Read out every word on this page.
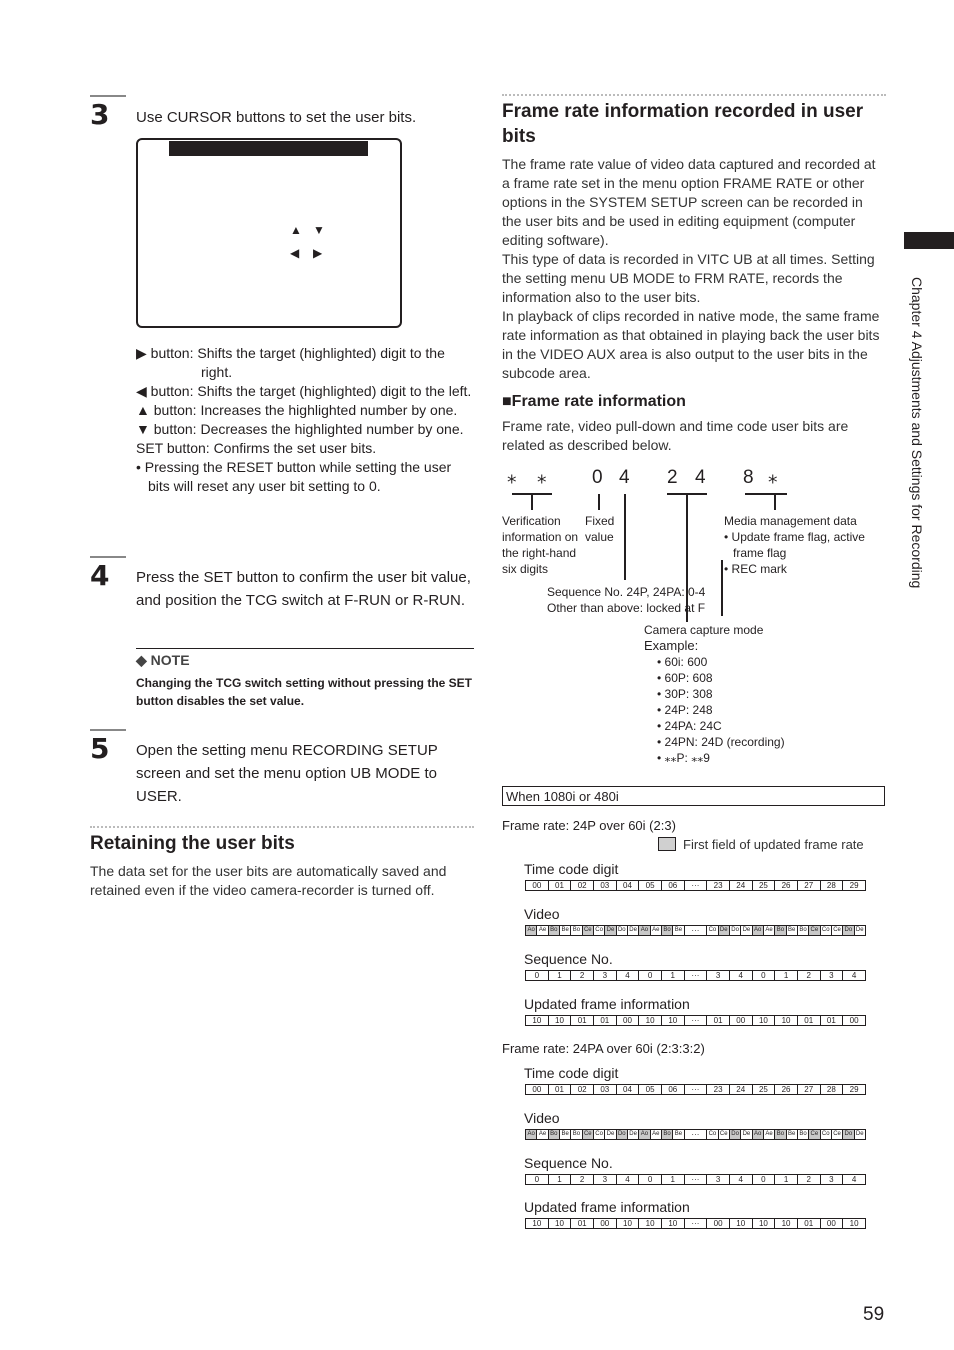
3 Use CURSOR buttons to set the user bits.
▲ ▼
◀ ▶
▶ button: Shifts the target (highlighted) digit to the right.
◀ button: Shifts the target (highlighted) digit to the left.
▲ button: Increases the highlighted number by one.
▼ button: Decreases the highlighted number by one.
SET button: Confirms the set user bits.
• Pressing the RESET button while setting the user bits will reset any user bit setting to 0.
4 Press the SET button to confirm the user bit value, and position the TCG switch at F-RUN or R-RUN.
◆ NOTE
Changing the TCG switch setting without pressing the SET button disables the set value.
5 Open the setting menu RECORDING SETUP screen and set the menu option UB MODE to USER.
Retaining the user bits
The data set for the user bits are automatically saved and retained even if the video camera-recorder is turned off.
Frame rate information recorded in user bits
The frame rate value of video data captured and recorded at a frame rate set in the menu option FRAME RATE or other options in the SYSTEM SETUP screen can be recorded in the user bits and be used in editing equipment (computer editing software).
This type of data is recorded in VITC UB at all times. Setting the setting menu UB MODE to FRM RATE, records the information also to the user bits.
In playback of clips recorded in native mode, the same frame rate information as that obtained in playing back the user bits in the VIDEO AUX area is also output to the user bits in the subcode area.
■Frame rate information
Frame rate, video pull-down and time code user bits are related as described below.
⁎ ⁎ 0 4 2 4 8 ⁎
Verification information on the right-hand six digits
Fixed value
Media management data
• Update frame flag, active frame flag
• REC mark
Sequence No. 24P, 24PA: 0-4
Other than above: locked at F
Camera capture mode
Example:
• 60i: 600
• 60P: 608
• 30P: 308
• 24P: 248
• 24PA: 24C
• 24PN: 24D (recording)
• ⁎⁎P: ⁎⁎9
When 1080i or 480i
Frame rate: 24P over 60i (2:3)
First field of updated frame rate
Time code digit
00	01	02	03	04	05	06	···	23	24	25	26	27	28	29
Video
Ao	Ae	Bo	Be	Bo	Ce	Co	De	Do	De	Ao	Ae	Bo	Be	···	Co	De	Do	De	Ao	Ae	Bo	Be	Bo	Ce	Co	Ce	Do	De
Sequence No.
0	1	2	3	4	0	1	···	3	4	0	1	2	3	4
Updated frame information
10	10	01	01	00	10	10	···	01	00	10	10	01	01	00
Frame rate: 24PA over 60i (2:3:3:2)
Time code digit
00	01	02	03	04	05	06	···	23	24	25	26	27	28	29
Video
Ao	Ae	Bo	Be	Bo	Ce	Co	De	Do	De	Ao	Ae	Bo	Be	···	Co	Ce	Do	De	Ao	Ae	Bo	Be	Bo	Ce	Co	Ce	Do	De
Sequence No.
0	1	2	3	4	0	1	···	3	4	0	1	2	3	4
Updated frame information
10	10	01	00	10	10	10	···	00	10	10	10	01	00	10
Chapter 4 Adjustments and Settings for Recording
59
